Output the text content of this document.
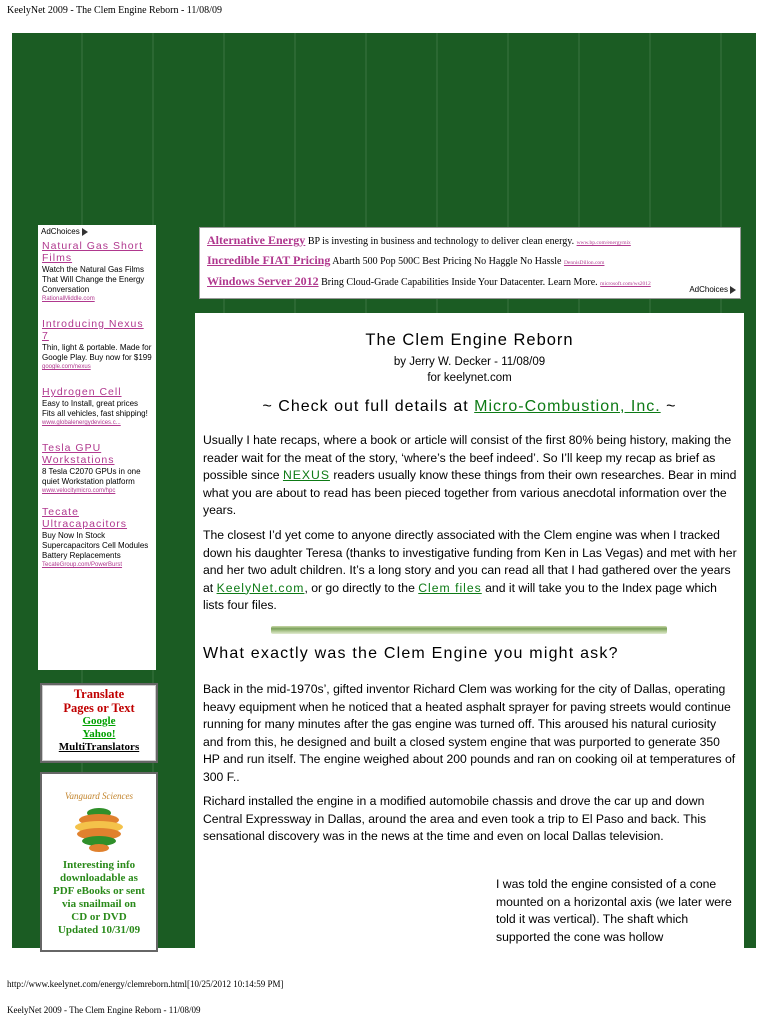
KeelyNet 2009 - The Clem Engine Reborn - 11/08/09
AdChoices
Natural Gas Short Films
Watch the Natural Gas Films That Will Change the Energy Conversation
RationalMiddle.com
Introducing Nexus 7
Thin, light & portable. Made for Google Play. Buy now for $199
google.com/nexus
Hydrogen Cell
Easy to Install, great prices Fits all vehicles, fast shipping!
www.globalenergydevices.c...
Tesla GPU Workstations
8 Tesla C2070 GPUs in one quiet Workstation platform
www.velocitymicro.com/hpc
Tecate Ultracapacitors
Buy Now In Stock Supercapacitors Cell Modules Battery Replacements
TecateGroup.com/PowerBurst
Translate
Pages or Text
Google
Yahoo!
MultiTranslators
Vanguard Sciences
Interesting info
downloadable as
PDF eBooks or sent
via snailmail on
CD or DVD
Updated 10/31/09
Alternative Energy BP is investing in business and technology to deliver clean energy. www.bp.com/energymix
Incredible FIAT Pricing Abarth 500 Pop 500C Best Pricing No Haggle No Hassle DennisDillon.com
Windows Server 2012 Bring Cloud-Grade Capabilities Inside Your Datacenter. Learn More. microsoft.com/ws2012
AdChoices
The Clem Engine Reborn
by Jerry W. Decker - 11/08/09
for keelynet.com
~ Check out full details at Micro-Combustion, Inc. ~
Usually I hate recaps, where a book or article will consist of the first 80% being history, making the reader wait for the meat of the story, ‘where’s the beef indeed’. So I’ll keep my recap as brief as possible since NEXUS readers usually know these things from their own researches. Bear in mind what you are about to read has been pieced together from various anecdotal information over the years.
The closest I’d yet come to anyone directly associated with the Clem engine was when I tracked down his daughter Teresa (thanks to investigative funding from Ken in Las Vegas) and met with her and her two adult children. It’s a long story and you can read all that I had gathered over the years at KeelyNet.com, or go directly to the Clem files and it will take you to the Index page which lists four files.
What exactly was the Clem Engine you might ask?
Back in the mid-1970s’, gifted inventor Richard Clem was working for the city of Dallas, operating heavy equipment when he noticed that a heated asphalt sprayer for paving streets would continue running for many minutes after the gas engine was turned off. This aroused his natural curiosity and from this, he designed and built a closed system engine that was purported to generate 350 HP and run itself. The engine weighed about 200 pounds and ran on cooking oil at temperatures of 300 F..
Richard installed the engine in a modified automobile chassis and drove the car up and down Central Expressway in Dallas, around the area and even took a trip to El Paso and back. This sensational discovery was in the news at the time and even on local Dallas television.
I was told the engine consisted of a cone mounted on a horizontal axis (we later were told it was vertical). The shaft which supported the cone was hollow
http://www.keelynet.com/energy/clemreborn.html[10/25/2012 10:14:59 PM]
KeelyNet 2009 - The Clem Engine Reborn - 11/08/09
